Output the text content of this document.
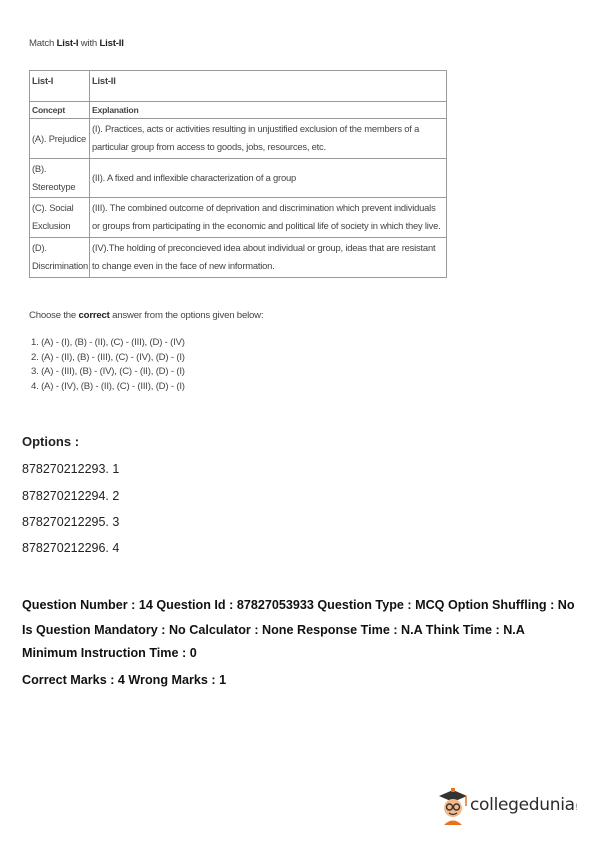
Match List-I with List-II
List-I	List-II
Concept	Explanation
(A). Prejudice	(I). Practices, acts or activities resulting in unjustified exclusion of the members of a particular group from access to goods, jobs, resources, etc.
(B). Stereotype	(II). A fixed and inflexible characterization of a group
(C). Social Exclusion	(III). The combined outcome of deprivation and discrimination which prevent individuals or groups from participating in the economic and political life of society in which they live.
(D). Discrimination	(IV).The holding of preconcieved idea about individual or group, ideas that are resistant to change even in the face of new information.
Choose the correct answer from the options given below:
1. (A) - (I), (B) - (II), (C) - (III), (D) - (IV)
2. (A) - (II), (B) - (III), (C) - (IV), (D) - (I)
3. (A) - (III), (B) - (IV), (C) - (II), (D) - (I)
4. (A) - (IV), (B) - (II), (C) - (III), (D) - (I)
Options :
878270212293. 1
878270212294. 2
878270212295. 3
878270212296. 4
Question Number : 14 Question Id : 87827053933 Question Type : MCQ Option Shuffling : No
Is Question Mandatory : No Calculator : None Response Time : N.A Think Time : N.A
Minimum Instruction Time : 0
Correct Marks : 4 Wrong Marks : 1
collegedunia!
